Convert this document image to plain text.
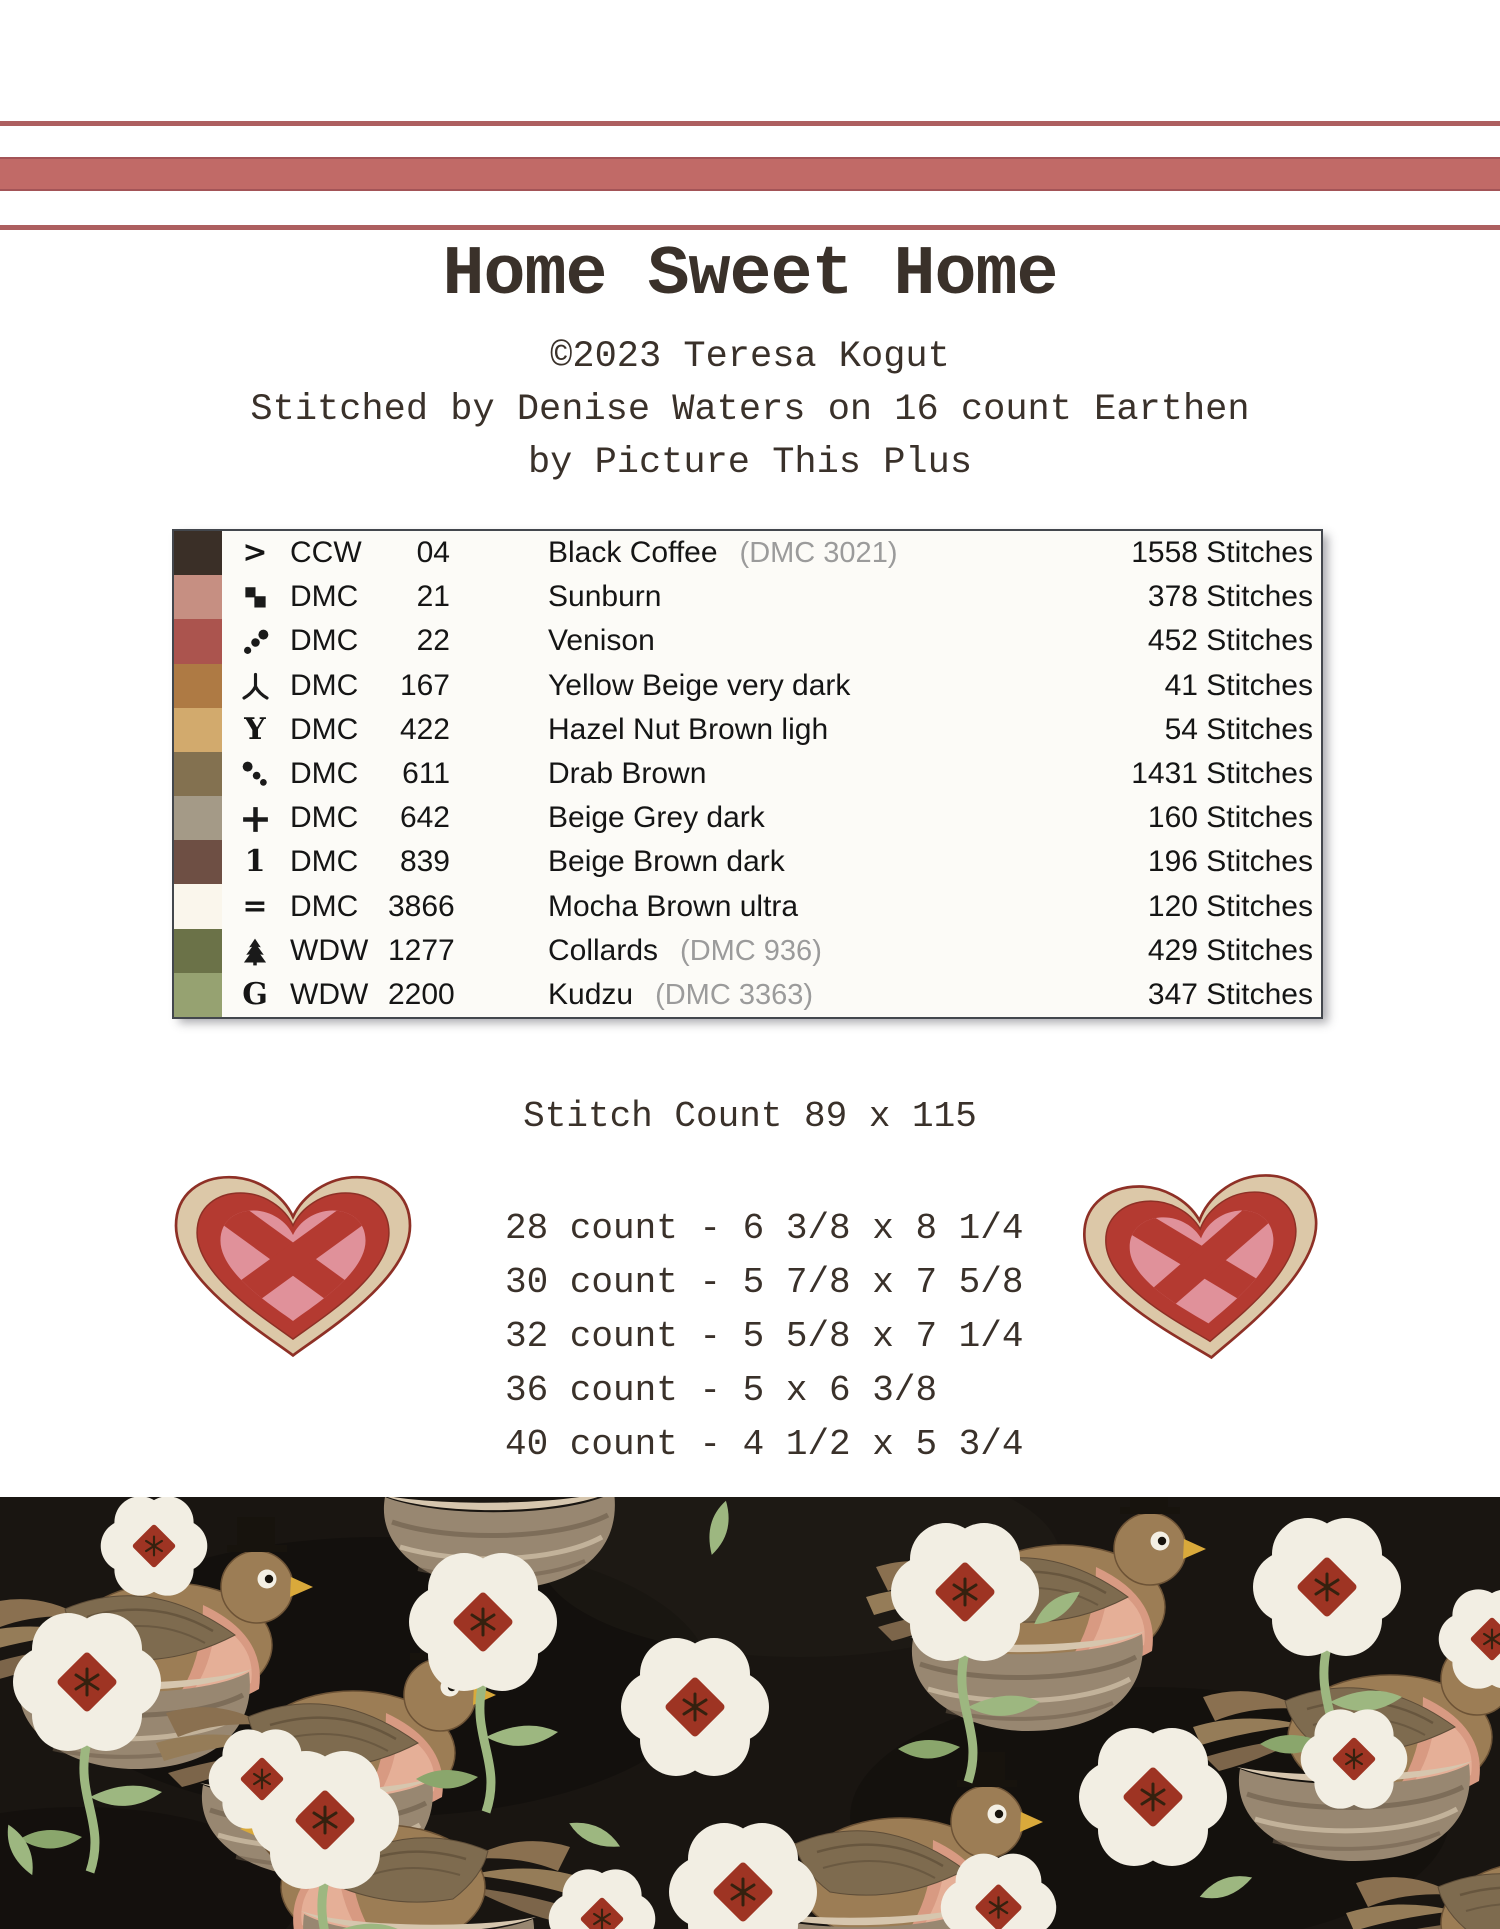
Home Sweet Home
©2023 Teresa Kogut
Stitched by Denise Waters on 16 count Earthen
by Picture This Plus
> CCW	04	Black Coffee (DMC 3021)	1558 Stitches
DMC	21	Sunburn	378 Stitches
DMC	22	Venison	452 Stitches
DMC	167	Yellow Beige very dark	41 Stitches
Y DMC	422	Hazel Nut Brown ligh	54 Stitches
DMC	611	Drab Brown	1431 Stitches
DMC	642	Beige Grey dark	160 Stitches
1 DMC	839	Beige Brown dark	196 Stitches
= DMC 3866	Mocha Brown ultra	120 Stitches
WDW 1277	Collards (DMC 936)	429 Stitches
G WDW 2200	Kudzu (DMC 3363)	347 Stitches
Stitch Count 89 x 115
28 count - 6 3/8 x 8 1/4
30 count - 5 7/8 x 7 5/8
32 count - 5 5/8 x 7 1/4
36 count - 5 x 6 3/8
40 count - 4 1/2 x 5 3/4
